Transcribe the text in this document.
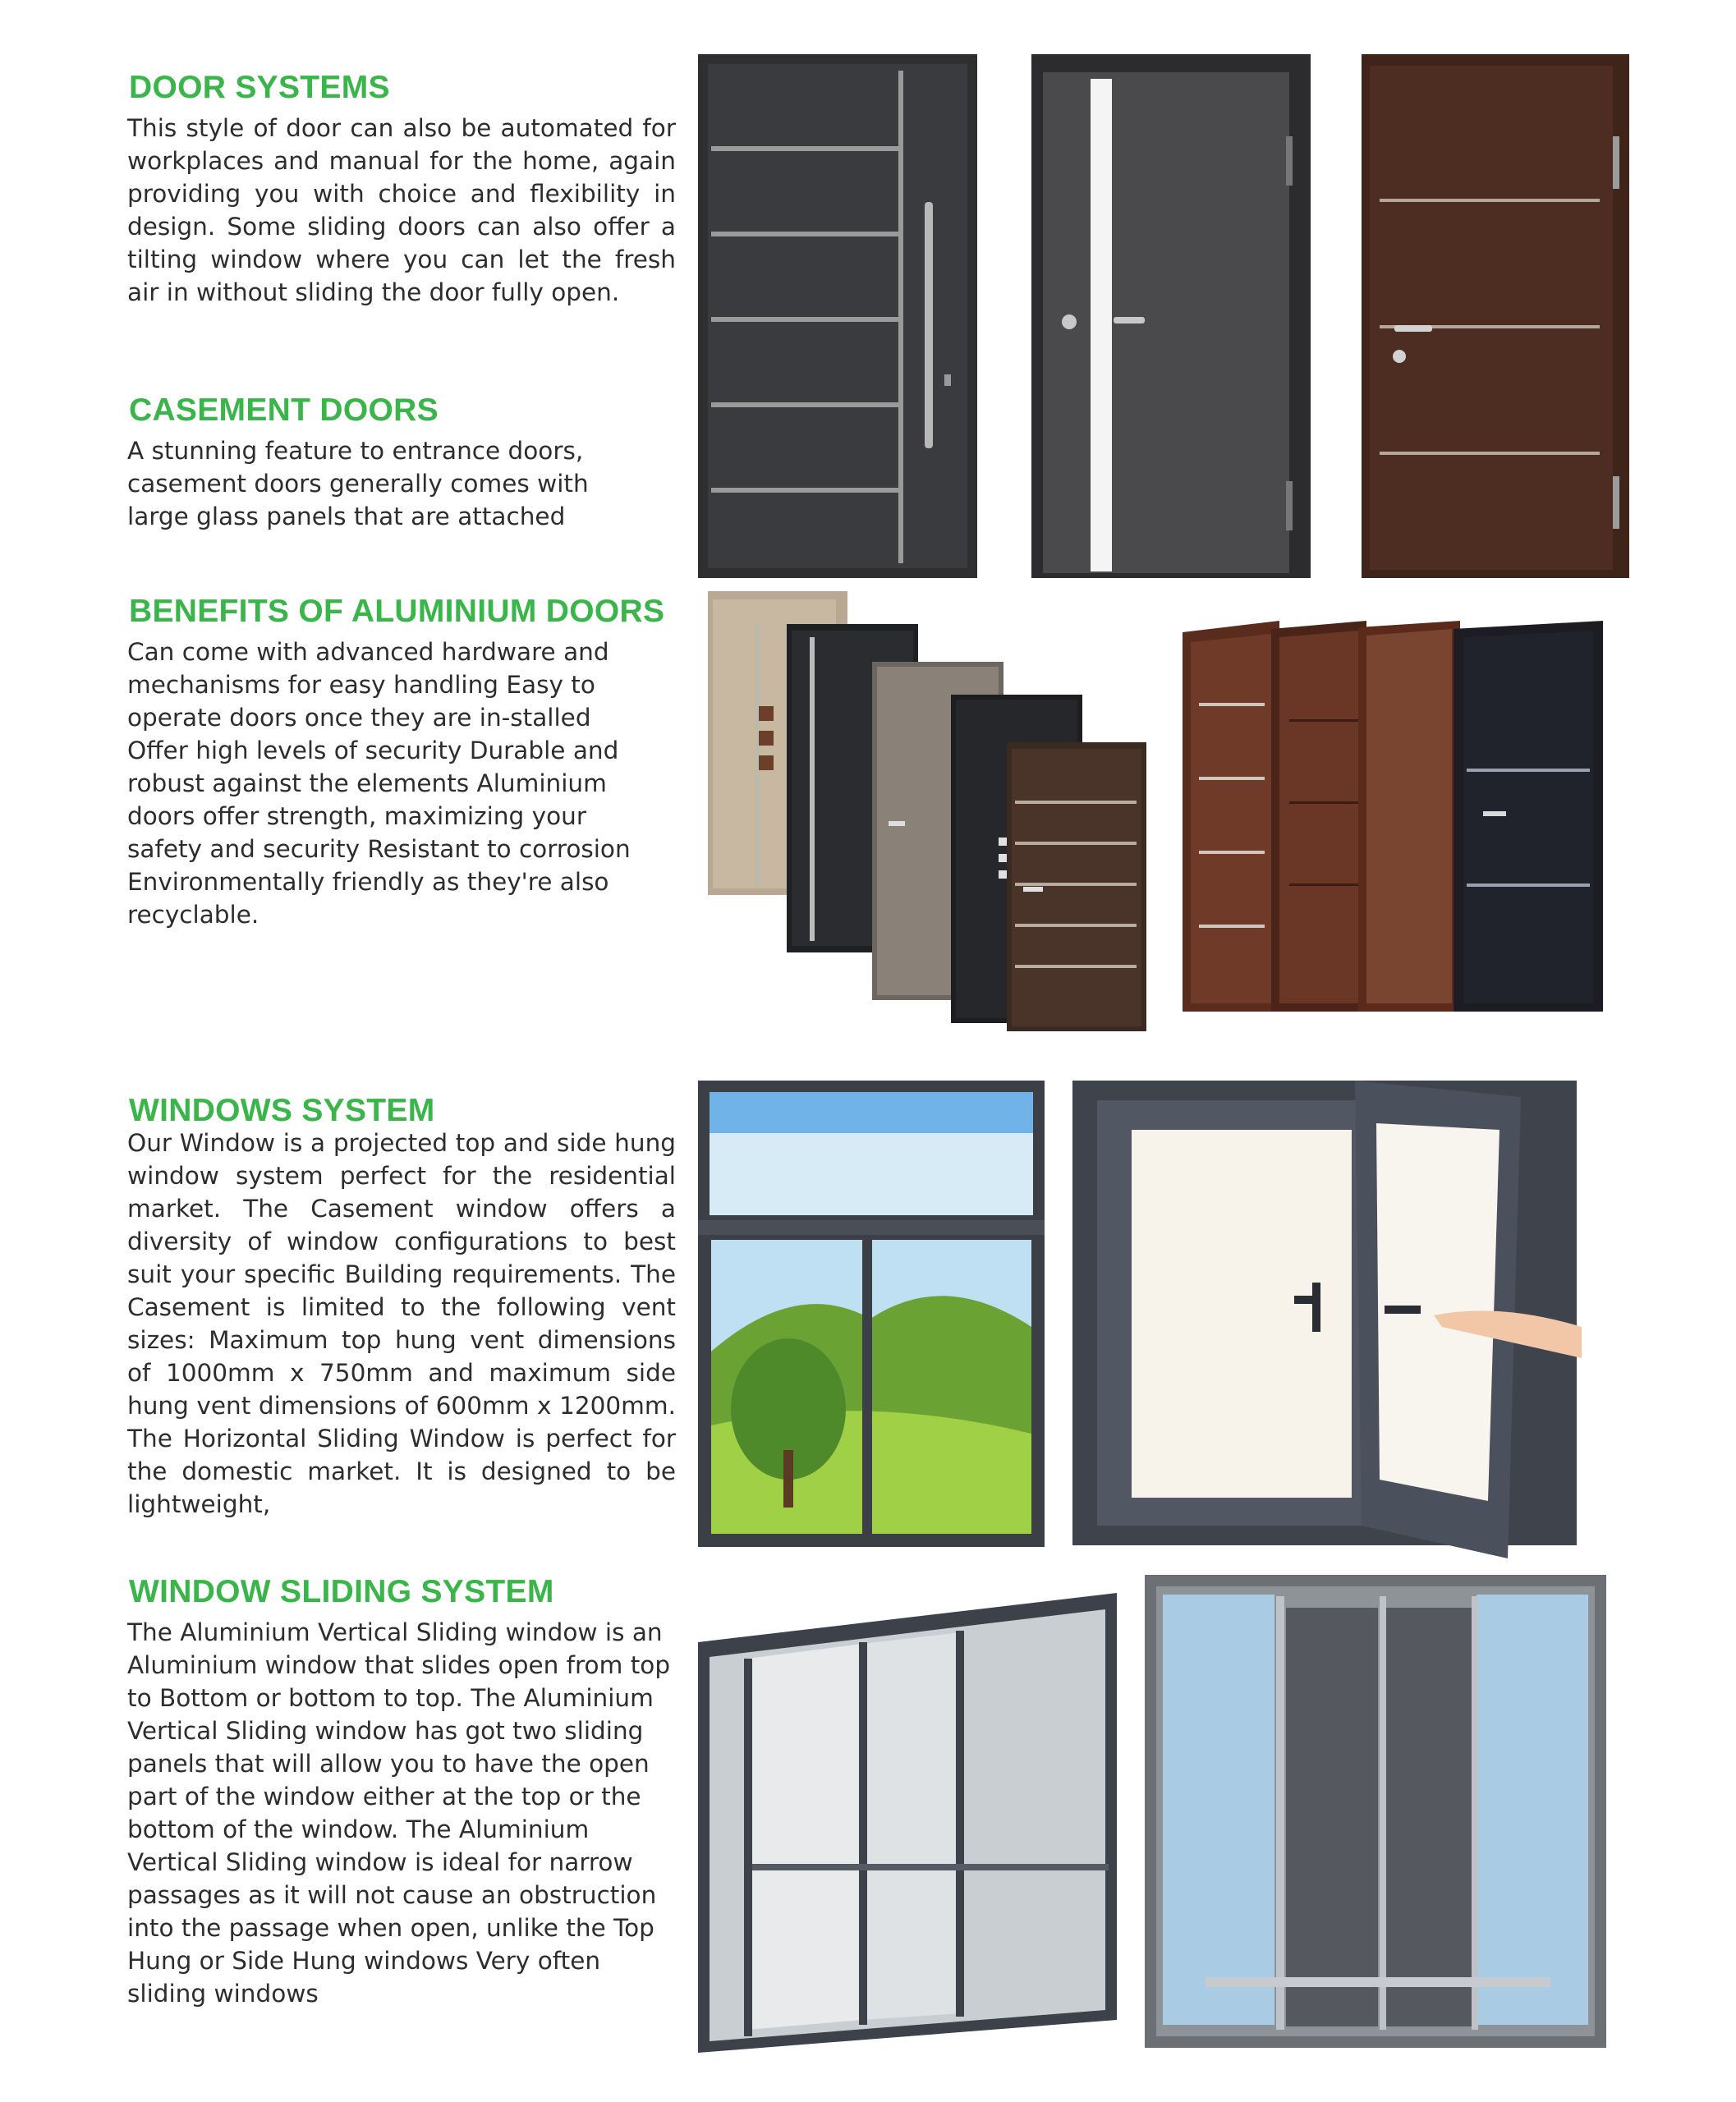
DOOR SYSTEMS

This style of door can also be automated for workplaces and manual for the home, again providing you with choice and flexibility in design. Some sliding doors can also offer a tilting window where you can let the fresh air in without sliding the door fully open.

CASEMENT DOORS

A stunning feature to entrance doors, casement doors generally comes with large glass panels that are attached

BENEFITS OF ALUMINIUM DOORS

Can come with advanced hardware and mechanisms for easy handling Easy to operate doors once they are in-stalled Offer high levels of security Durable and robust against the elements Aluminium doors offer strength, maximizing your safety and security Resistant to corrosion Environmentally friendly as they're also recyclable.

WINDOWS SYSTEM

Our Window is a projected top and side hung window system perfect for the residential market. The Casement window offers a diversity of window configurations to best suit your specific Building requirements. The Casement is limited to the following vent sizes: Maximum top hung vent dimensions of 1000mm x 750mm and maximum side hung vent dimensions of 600mm x 1200mm. The Horizontal Sliding Window is perfect for the domestic market. It is designed to be lightweight,

WINDOW SLIDING SYSTEM

The Aluminium Vertical Sliding window is an Aluminium window that slides open from top to Bottom or bottom to top. The Aluminium Vertical Sliding window has got two sliding panels that will allow you to have the open part of the window either at the top or the bottom of the window. The Aluminium Vertical Sliding window is ideal for narrow passages as it will not cause an obstruction into the passage when open, unlike the Top Hung or Side Hung windows Very often sliding windows
